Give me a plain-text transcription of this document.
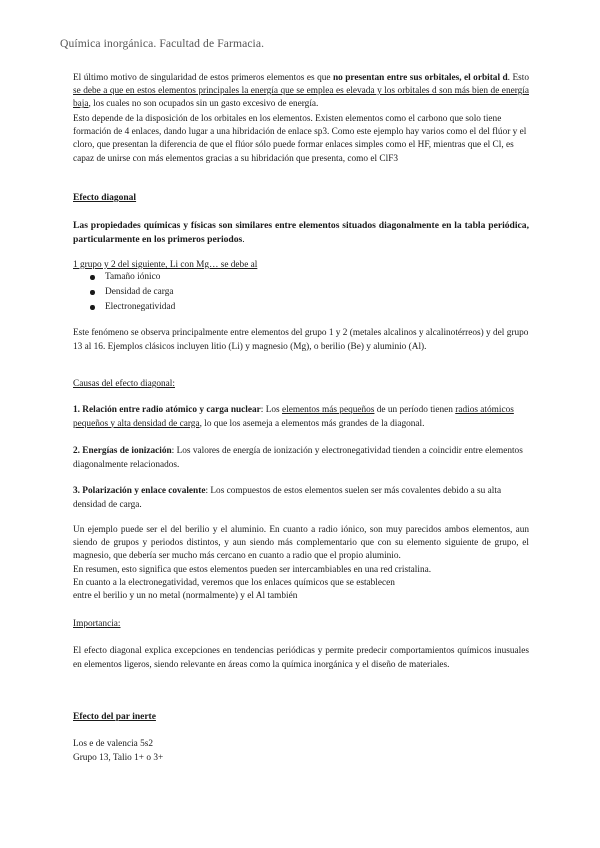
Química inorgánica. Facultad de Farmacia.
El último motivo de singularidad de estos primeros elementos es que no presentan entre sus orbitales, el orbital d. Esto se debe a que en estos elementos principales la energía que se emplea es elevada y los orbitales d son más bien de energía baja, los cuales no son ocupados sin un gasto excesivo de energía.
Esto depende de la disposición de los orbitales en los elementos. Existen elementos como el carbono que solo tiene formación de 4 enlaces, dando lugar a una hibridación de enlace sp3. Como este ejemplo hay varios como el del flúor y el cloro, que presentan la diferencia de que el flúor sólo puede formar enlaces simples como el HF, mientras que el Cl, es capaz de unirse con más elementos gracias a su hibridación que presenta, como el ClF3
Efecto diagonal
Las propiedades químicas y físicas son similares entre elementos situados diagonalmente en la tabla periódica, particularmente en los primeros periodos.
1 grupo y 2 del siguiente, Li con Mg… se debe al
Tamaño iónico
Densidad de carga
Electronegatividad
Este fenómeno se observa principalmente entre elementos del grupo 1 y 2 (metales alcalinos y alcalinotérreos) y del grupo 13 al 16. Ejemplos clásicos incluyen litio (Li) y magnesio (Mg), o berilio (Be) y aluminio (Al).
Causas del efecto diagonal:
1. Relación entre radio atómico y carga nuclear: Los elementos más pequeños de un período tienen radios atómicos pequeños y alta densidad de carga, lo que los asemeja a elementos más grandes de la diagonal.
2. Energías de ionización: Los valores de energía de ionización y electronegatividad tienden a coincidir entre elementos diagonalmente relacionados.
3. Polarización y enlace covalente: Los compuestos de estos elementos suelen ser más covalentes debido a su alta densidad de carga.
Un ejemplo puede ser el del berilio y el aluminio. En cuanto a radio iónico, son muy parecidos ambos elementos, aun siendo de grupos y periodos distintos, y aun siendo más complementario que con su elemento siguiente de grupo, el magnesio, que debería ser mucho más cercano en cuanto a radio que el propio aluminio.
En resumen, esto significa que estos elementos pueden ser intercambiables en una red cristalina.
En cuanto a la electronegatividad, veremos que los enlaces químicos que se establecen
entre el berilio y un no metal (normalmente) y el Al también
Importancia:
El efecto diagonal explica excepciones en tendencias periódicas y permite predecir comportamientos químicos inusuales en elementos ligeros, siendo relevante en áreas como la química inorgánica y el diseño de materiales.
Efecto del par inerte
Los e de valencia 5s2
Grupo 13, Talio 1+ o 3+
